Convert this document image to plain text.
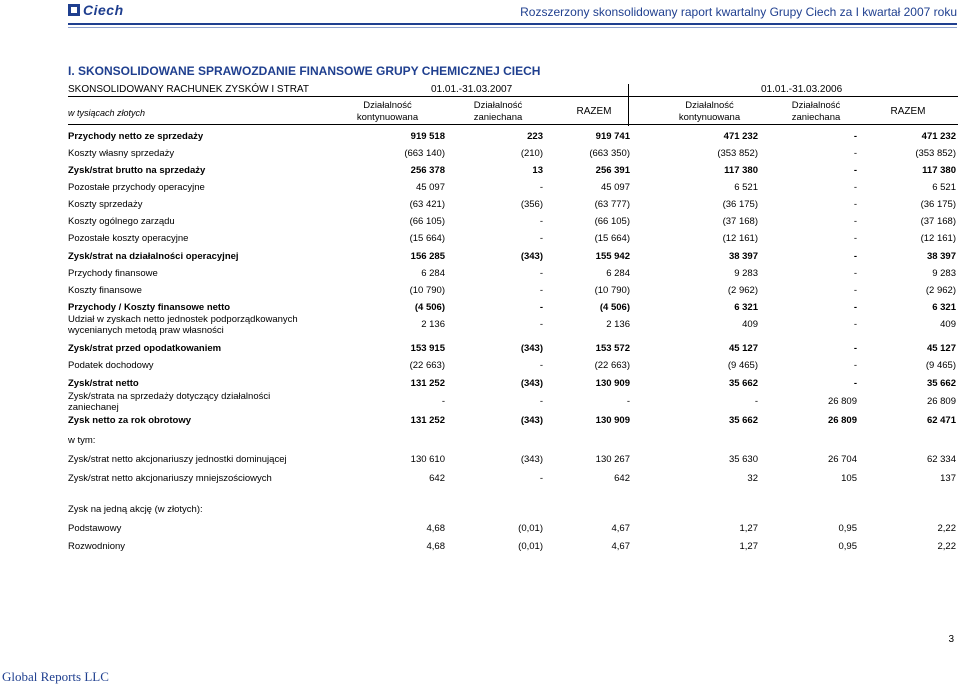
Ciech	Rozszerzony skonsolidowany raport kwartalny Grupy Ciech za I kwartał 2007 roku
I. SKONSOLIDOWANE SPRAWOZDANIE FINANSOWE GRUPY CHEMICZNEJ CIECH
SKONSOLIDOWANY RACHUNEK ZYSKÓW I STRAT
w tysiącach złotych
01.01.-31.03.2007	01.01.-31.03.2006
Działalność kontynuowana
Działalność zaniechana
RAZEM
Działalność kontynuowana
Działalność zaniechana
RAZEM
Przychody netto ze sprzedaży	919 518	223	919 741	471 232	-	471 232
Koszty własny sprzedaży	(663 140)	(210)	(663 350)	(353 852)	-	(353 852)
Zysk/strat brutto na sprzedaży	256 378	13	256 391	117 380	-	117 380
Pozostałe przychody operacyjne	45 097	-	45 097	6 521	-	6 521
Koszty sprzedaży	(63 421)	(356)	(63 777)	(36 175)	-	(36 175)
Koszty ogólnego zarządu	(66 105)	-	(66 105)	(37 168)	-	(37 168)
Pozostałe koszty operacyjne	(15 664)	-	(15 664)	(12 161)	-	(12 161)
Zysk/strat na działalności operacyjnej	156 285	(343)	155 942	38 397	-	38 397
Przychody finansowe	6 284	-	6 284	9 283	-	9 283
Koszty finansowe	(10 790)	-	(10 790)	(2 962)	-	(2 962)
Przychody / Koszty finansowe netto	(4 506)	-	(4 506)	6 321	-	6 321
Udział w zyskach netto jednostek podporządkowanych wycenianych metodą praw własności
2 136	-	2 136	409	-	409
Zysk/strat przed opodatkowaniem	153 915	(343)	153 572	45 127	-	45 127
Podatek dochodowy	(22 663)	-	(22 663)	(9 465)	-	(9 465)
Zysk/strat netto	131 252	(343)	130 909	35 662	-	35 662
Zysk/strata na sprzedaży dotyczący działalności zaniechanej
-	-	-	-	26 809	26 809
Zysk netto za rok obrotowy	131 252	(343)	130 909	35 662	26 809	62 471
w tym:
Zysk/strat netto akcjonariuszy jednostki dominującej	130 610	(343)	130 267	35 630	26 704	62 334
Zysk/strat netto akcjonariuszy mniejszościowych	642	-	642	32	105	137
Zysk na jedną akcję (w złotych):
Podstawowy	4,68	(0,01)	4,67	1,27	0,95	2,22
Rozwodniony	4,68	(0,01)	4,67	1,27	0,95	2,22
3
Global Reports LLC
